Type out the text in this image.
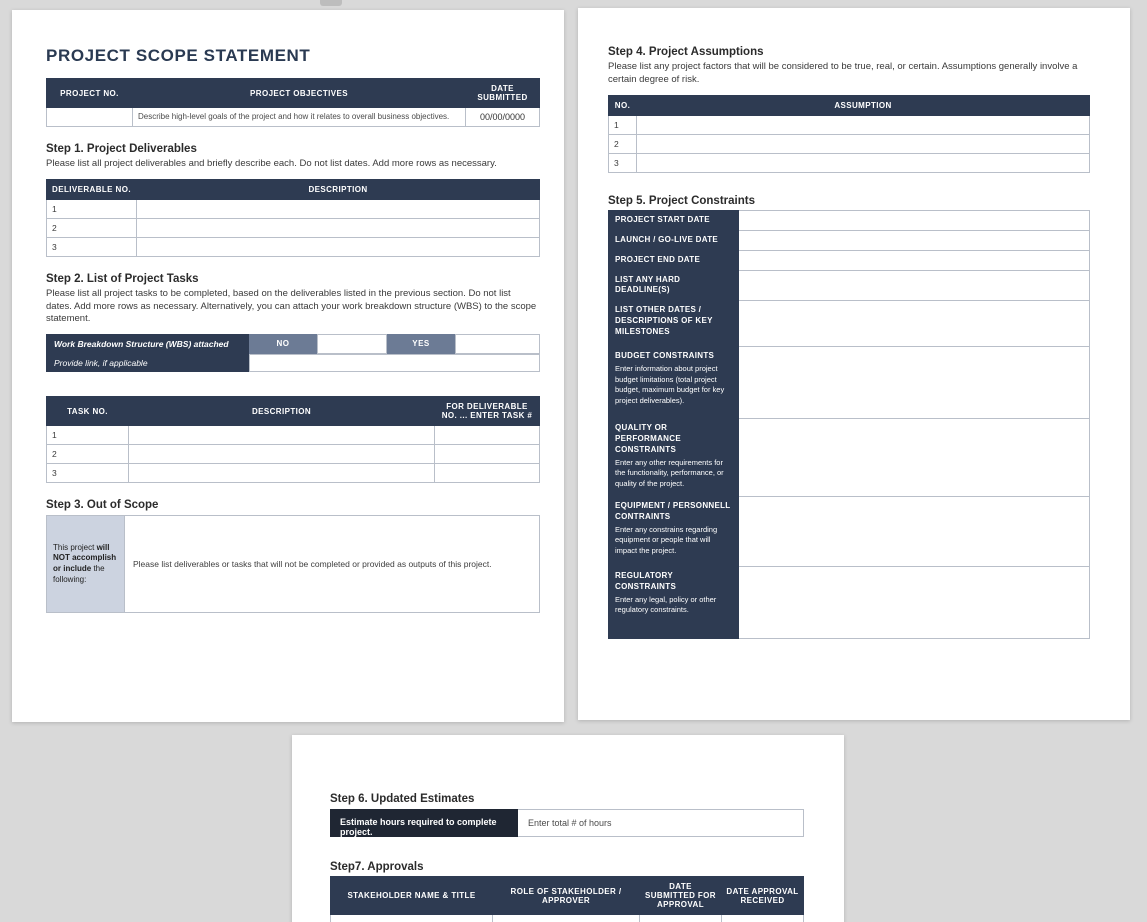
PROJECT SCOPE STATEMENT
PROJECT NO.	PROJECT OBJECTIVES	DATE SUBMITTED
	Describe high-level goals of the project and how it relates to overall business objectives.	00/00/0000
Step 1. Project Deliverables
Please list all project deliverables and briefly describe each. Do not list dates. Add more rows as necessary.
DELIVERABLE NO.	DESCRIPTION
1	
2	
3	
Step 2. List of Project Tasks
Please list all project tasks to be completed, based on the deliverables listed in the previous section. Do not list dates. Add more rows as necessary. Alternatively, you can attach your work breakdown structure (WBS) to the scope statement.
Work Breakdown Structure (WBS) attached	NO	YES
Provide link, if applicable
TASK NO.	DESCRIPTION	FOR DELIVERABLE NO. ... ENTER TASK #
1		
2		
3		
Step 3. Out of Scope
This project will NOT accomplish or include the following:
Please list deliverables or tasks that will not be completed or provided as outputs of this project.
Step 4. Project Assumptions
Please list any project factors that will be considered to be true, real, or certain. Assumptions generally involve a certain degree of risk.
NO.	ASSUMPTION
1	
2	
3	
Step 5. Project Constraints
PROJECT START DATE	
LAUNCH / GO-LIVE DATE	
PROJECT END DATE	
LIST ANY HARD DEADLINE(S)	
LIST OTHER DATES / DESCRIPTIONS OF KEY MILESTONES	
BUDGET CONSTRAINTS
Enter information about project budget limitations (total project budget, maximum budget for key project deliverables).	

QUALITY OR PERFORMANCE CONSTRAINTS
Enter any other requirements for the functionality, performance, or quality of the project.	

EQUIPMENT / PERSONNELL CONTRAINTS
Enter any constrains regarding equipment or people that will impact the project.	

REGULATORY CONSTRAINTS
Enter any legal, policy or other regulatory constraints.	

Step 6. Updated Estimates
Estimate hours required to complete project.
Enter total # of hours
Step7. Approvals
STAKEHOLDER NAME & TITLE	ROLE OF STAKEHOLDER / APPROVER	DATE SUBMITTED FOR APPROVAL	DATE APPROVAL RECEIVED
